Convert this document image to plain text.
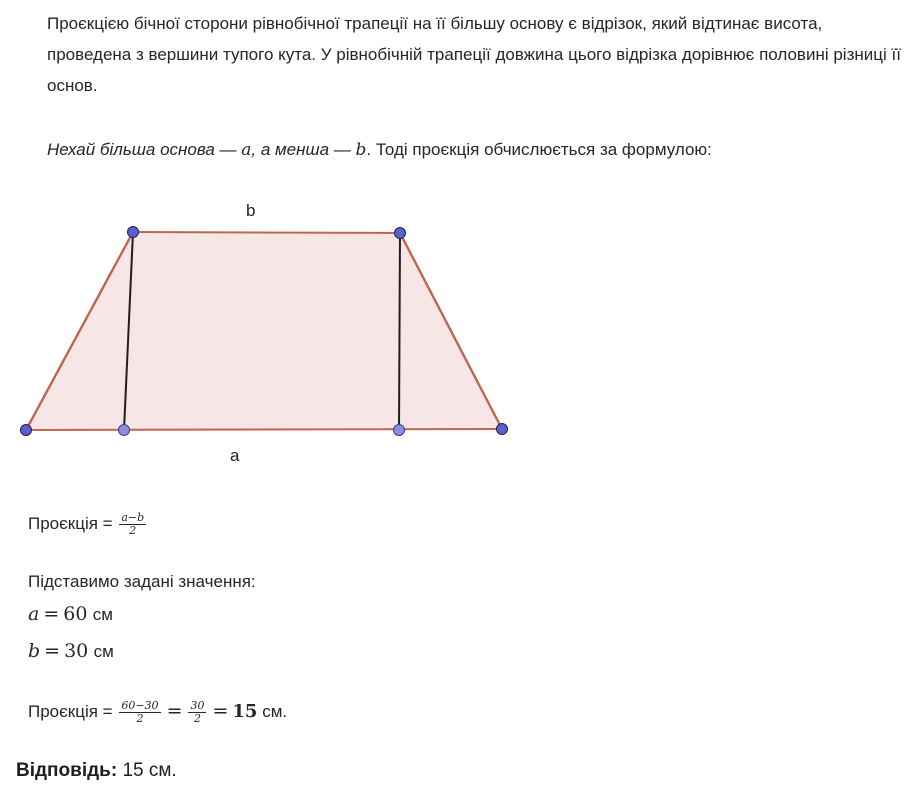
Проєкцією бічної сторони рівнобічної трапеції на її більшу основу є відрізок, який відтинає висота, проведена з вершини тупого кута. У рівнобічній трапеції довжина цього відрізка дорівнює половині різниці її основ.
Нехай більша основа — a, а менша — b. Тоді проєкція обчислюється за формулою:
b
a
Проєкція = $\frac{a-b}{2}$
Підставимо задані значення:
a = 60 см
b = 30 см
Проєкція = $\frac{60-30}{2} = \frac{30}{2} = 15$ см.
Відповідь: 15 см.
